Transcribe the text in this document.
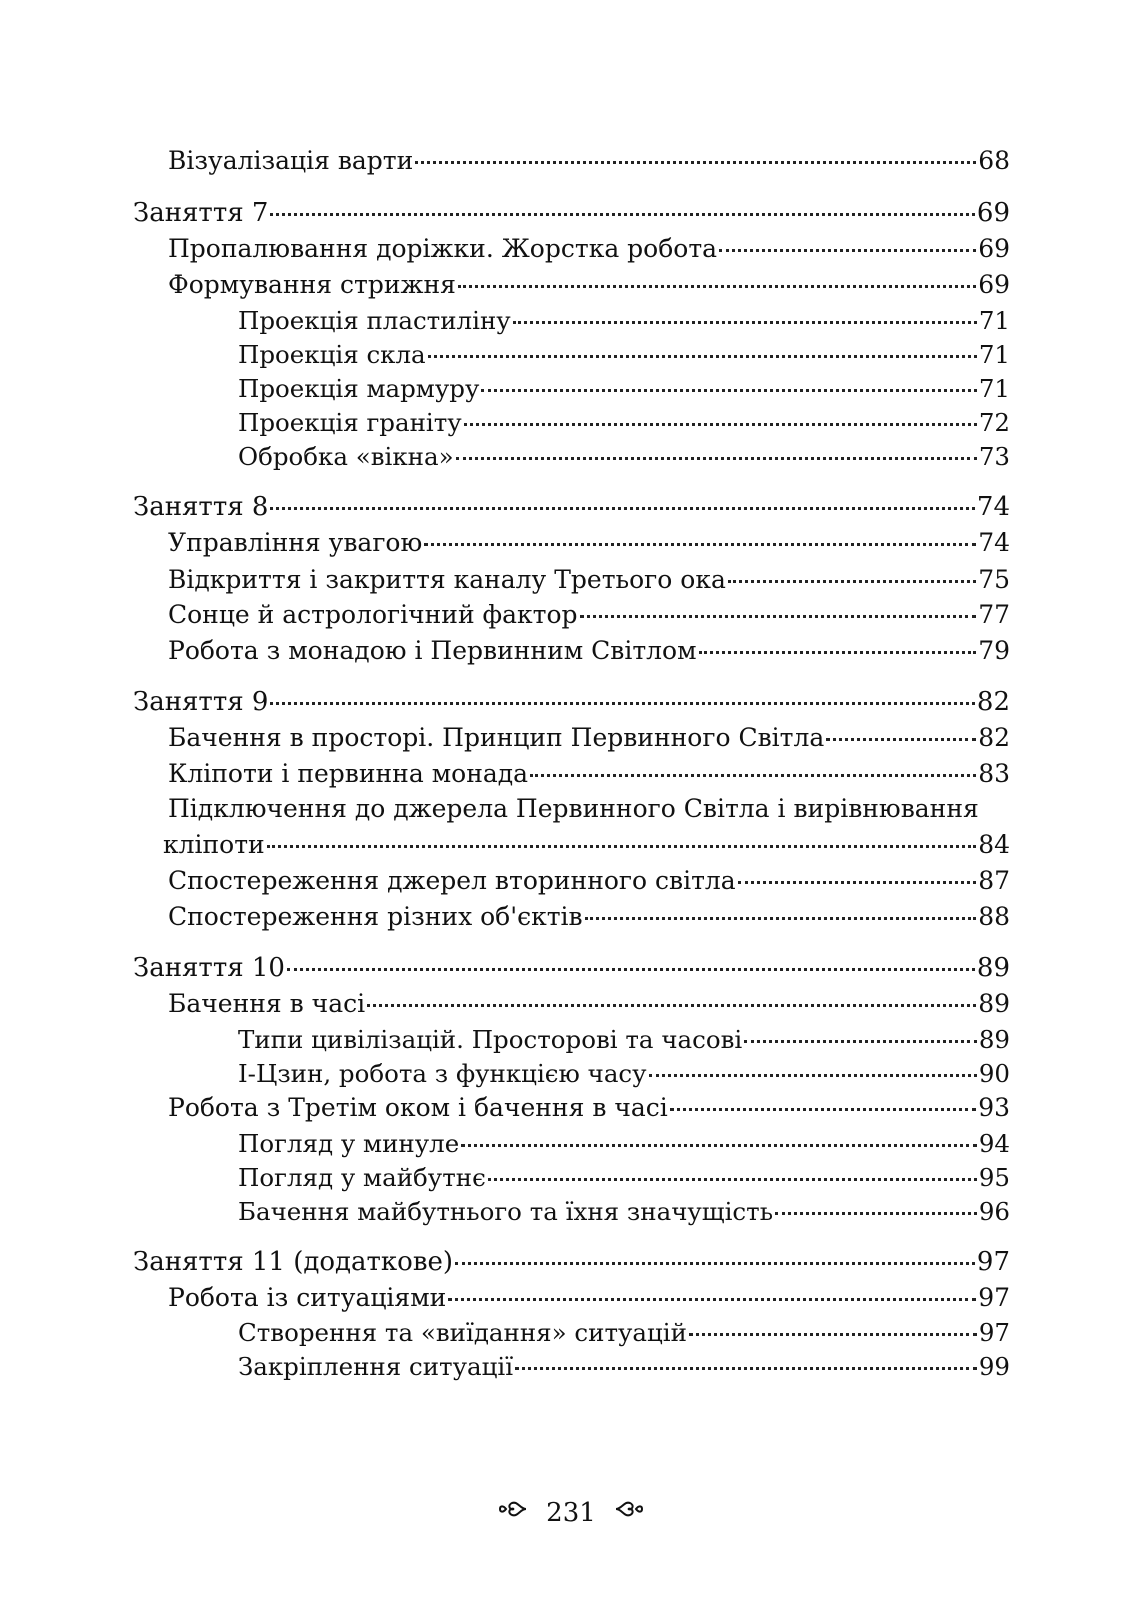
Візуалізація варти	68
Заняття 7	69
Пропалювання доріжки. Жорстка робота	69
Формування стрижня	69
Проекція пластиліну	71
Проекція скла	71
Проекція мармуру	71
Проекція граніту	72
Обробка «вікна»	73
Заняття 8	74
Управління увагою	74
Відкриття і закриття каналу Третього ока	75
Сонце й астрологічний фактор	77
Робота з монадою і Первинним Світлом	79
Заняття 9	82
Бачення в просторі. Принцип Первинного Світла	82
Кліпоти і первинна монада	83
Підключення до джерела Первинного Світла і вирівнювання
кліпоти	84
Спостереження джерел вторинного світла	87
Спостереження різних об'єктів	88
Заняття 10	89
Бачення в часі	89
Типи цивілізацій. Просторові та часові	89
І-Цзин, робота з функцією часу	90
Робота з Третім оком і бачення в часі	93
Погляд у минуле	94
Погляд у майбутнє	95
Бачення майбутнього та їхня значущість	96
Заняття 11 (додаткове)	97
Робота із ситуаціями	97
Створення та «виїдання» ситуацій	97
Закріплення ситуації	99
231
